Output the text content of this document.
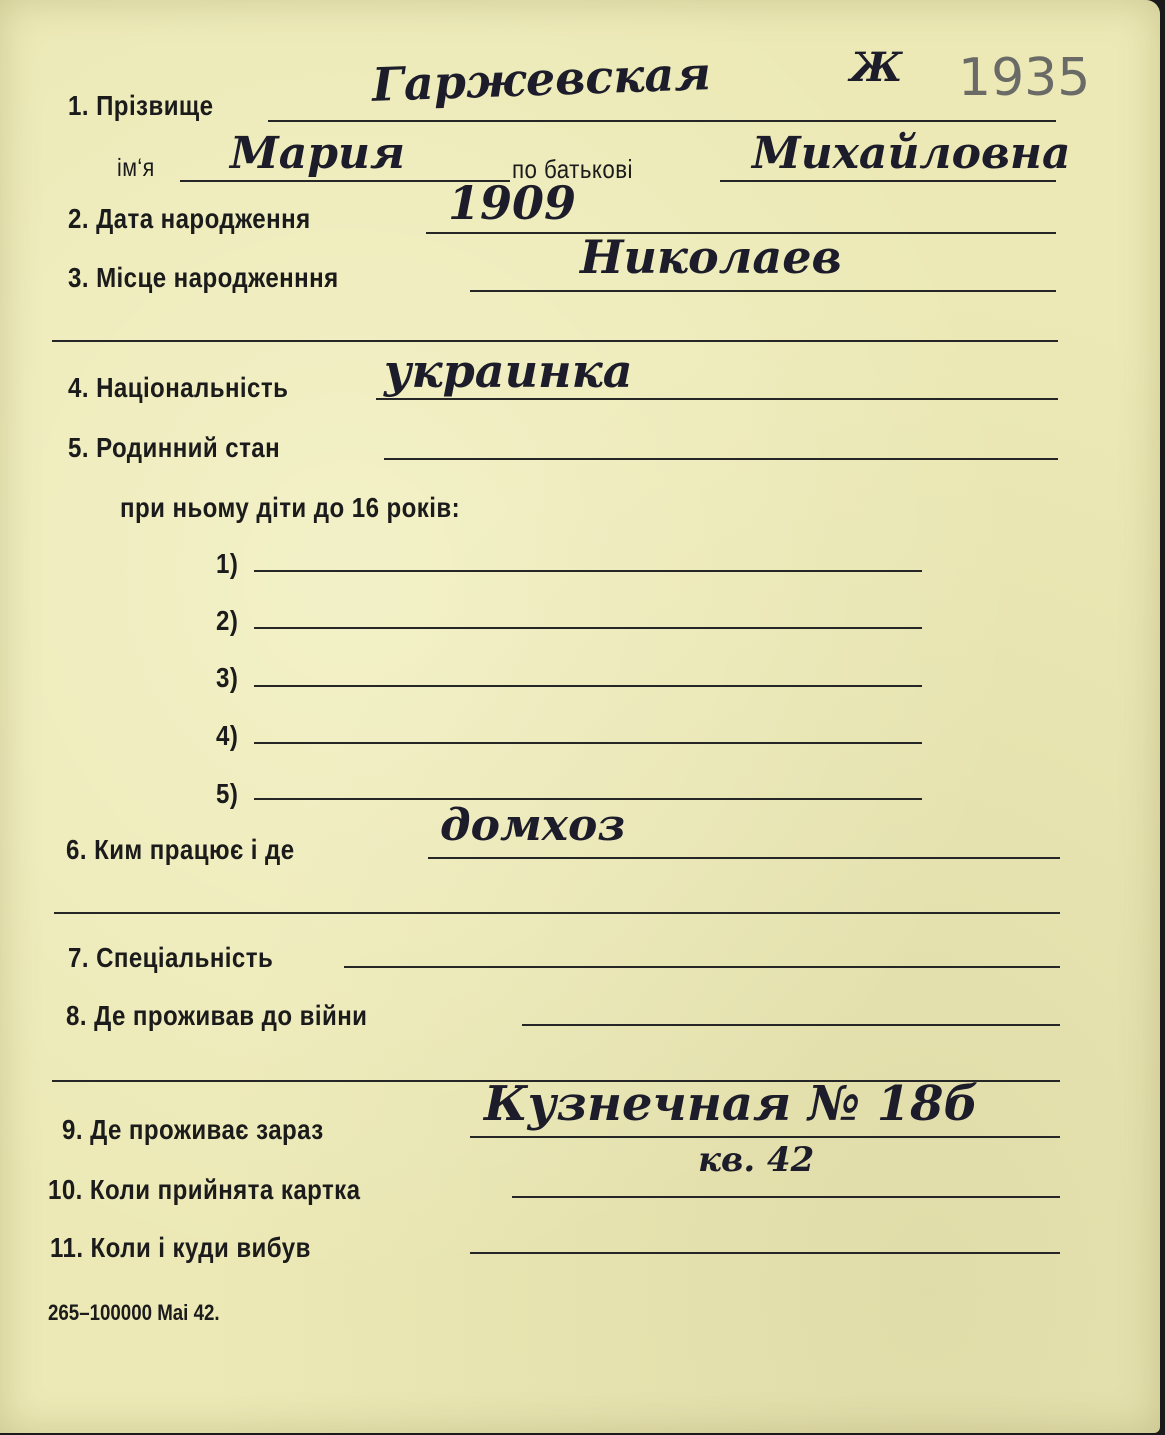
1. Прізвище	Гаржевская	Ж 1935

ім‘я Мария	по батькові	Михайловна

2. Дата народження	1909

3. Місце народженння	Николаев

4. Національність украинка

5. Родинний стан

при ньому діти до 16 років:

1)

2)

3)

4)

5)

6. Ким працює і де	домхоз

7. Спеціальність

8. Де проживав до війни

9. Де проживає зараз	Кузнечная № 18б

кв. 42

10. Коли прийнята картка

11. Коли і куди вибув

265–100000 Mai 42.
